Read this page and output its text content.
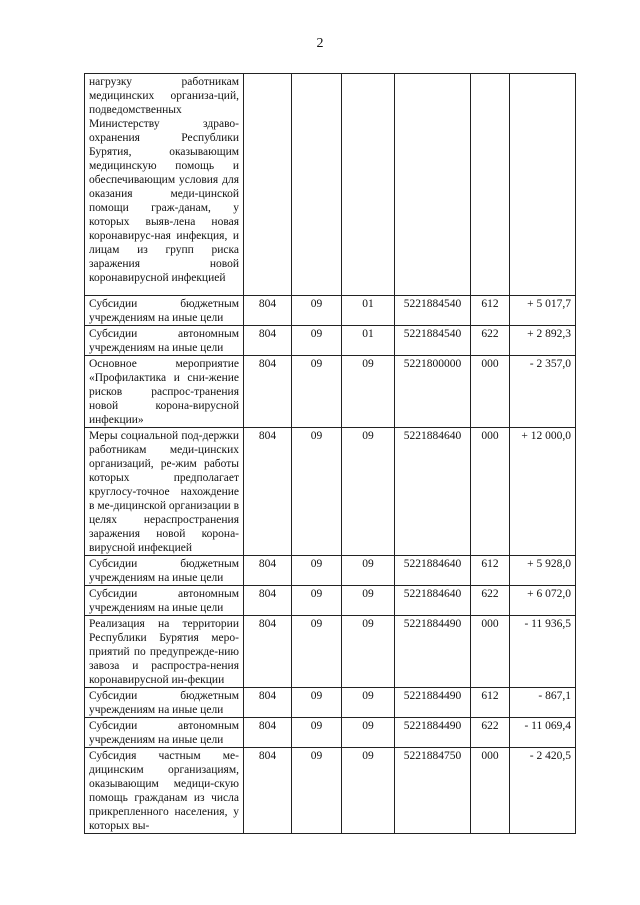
2
нагрузку работникам медицинских организа-ций, подведомственных Министерству здраво-охранения Республики Бурятия, оказывающим медицинскую помощь и обеспечивающим условия для оказания меди-цинской помощи граж-данам, у которых выяв-лена новая коронавирус-ная инфекция, и лицам из групп риска заражения новой коронавирусной инфекцией						
Субсидии бюджетным учреждениям на иные цели	804	09	01	5221884540	612	+ 5 017,7
Субсидии автономным учреждениям на иные цели	804	09	01	5221884540	622	+ 2 892,3
Основное мероприятие «Профилактика и сни-жение рисков распрос-транения новой корона-вирусной инфекции»	804	09	09	5221800000	000	- 2 357,0
Меры социальной под-держки работникам меди-цинских организаций, ре-жим работы которых предполагает круглосу-точное нахождение в ме-дицинской организации в целях нераспространения заражения новой корона-вирусной инфекцией	804	09	09	5221884640	000	+ 12 000,0
Субсидии бюджетным учреждениям на иные цели	804	09	09	5221884640	612	+ 5 928,0
Субсидии автономным учреждениям на иные цели	804	09	09	5221884640	622	+ 6 072,0
Реализация на территории Республики Бурятия меро-приятий по предупрежде-нию завоза и распростра-нения коронавирусной ин-фекции	804	09	09	5221884490	000	- 11 936,5
Субсидии бюджетным учреждениям на иные цели	804	09	09	5221884490	612	- 867,1
Субсидии автономным учреждениям на иные цели	804	09	09	5221884490	622	- 11 069,4
Субсидия частным ме-дицинским организациям, оказывающим медици-скую помощь гражданам из числа прикрепленного населения, у которых вы-	804	09	09	5221884750	000	- 2 420,5
